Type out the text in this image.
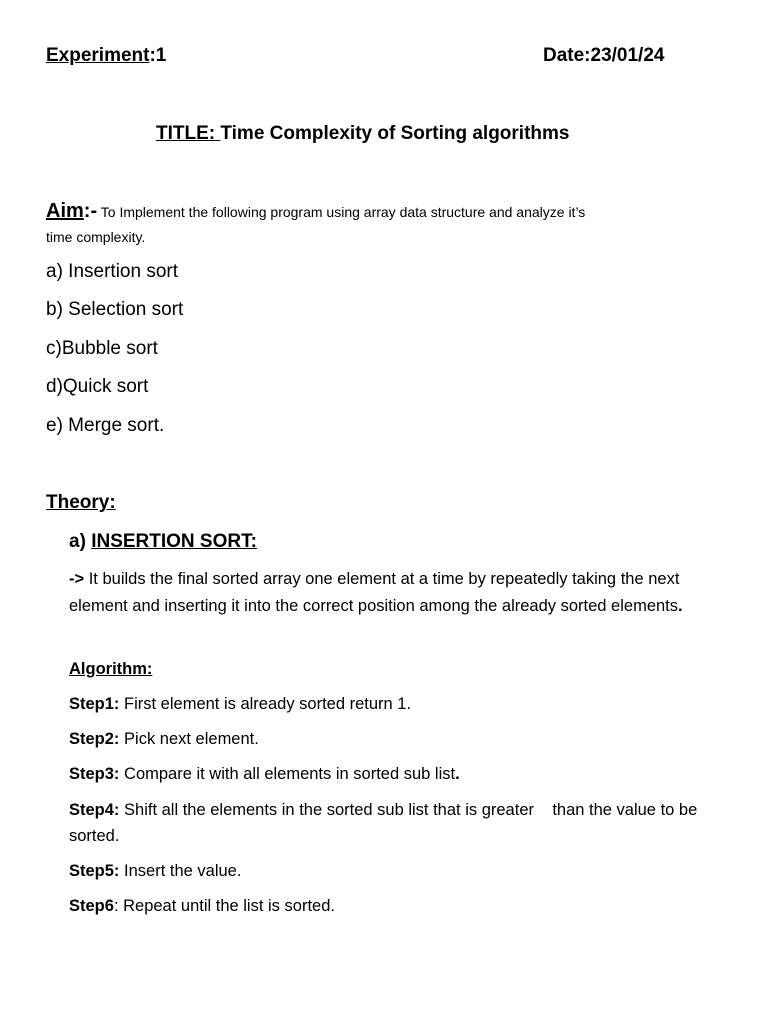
Experiment:1	Date:23/01/24
TITLE: Time Complexity of Sorting algorithms
Aim:- To Implement the following program using array data structure and analyze it’s
time complexity.
a) Insertion sort
b) Selection sort
c)Bubble sort
d)Quick sort
e) Merge sort.
Theory:
a) INSERTION SORT:
-> It builds the final sorted array one element at a time by repeatedly taking the next element and inserting it into the correct position among the already sorted elements.
Algorithm:
Step1: First element is already sorted return 1.
Step2: Pick next element.
Step3: Compare it with all elements in sorted sub list.
Step4: Shift all the elements in the sorted sub list that is greater    than the value to be sorted.
Step5: Insert the value.
Step6: Repeat until the list is sorted.
